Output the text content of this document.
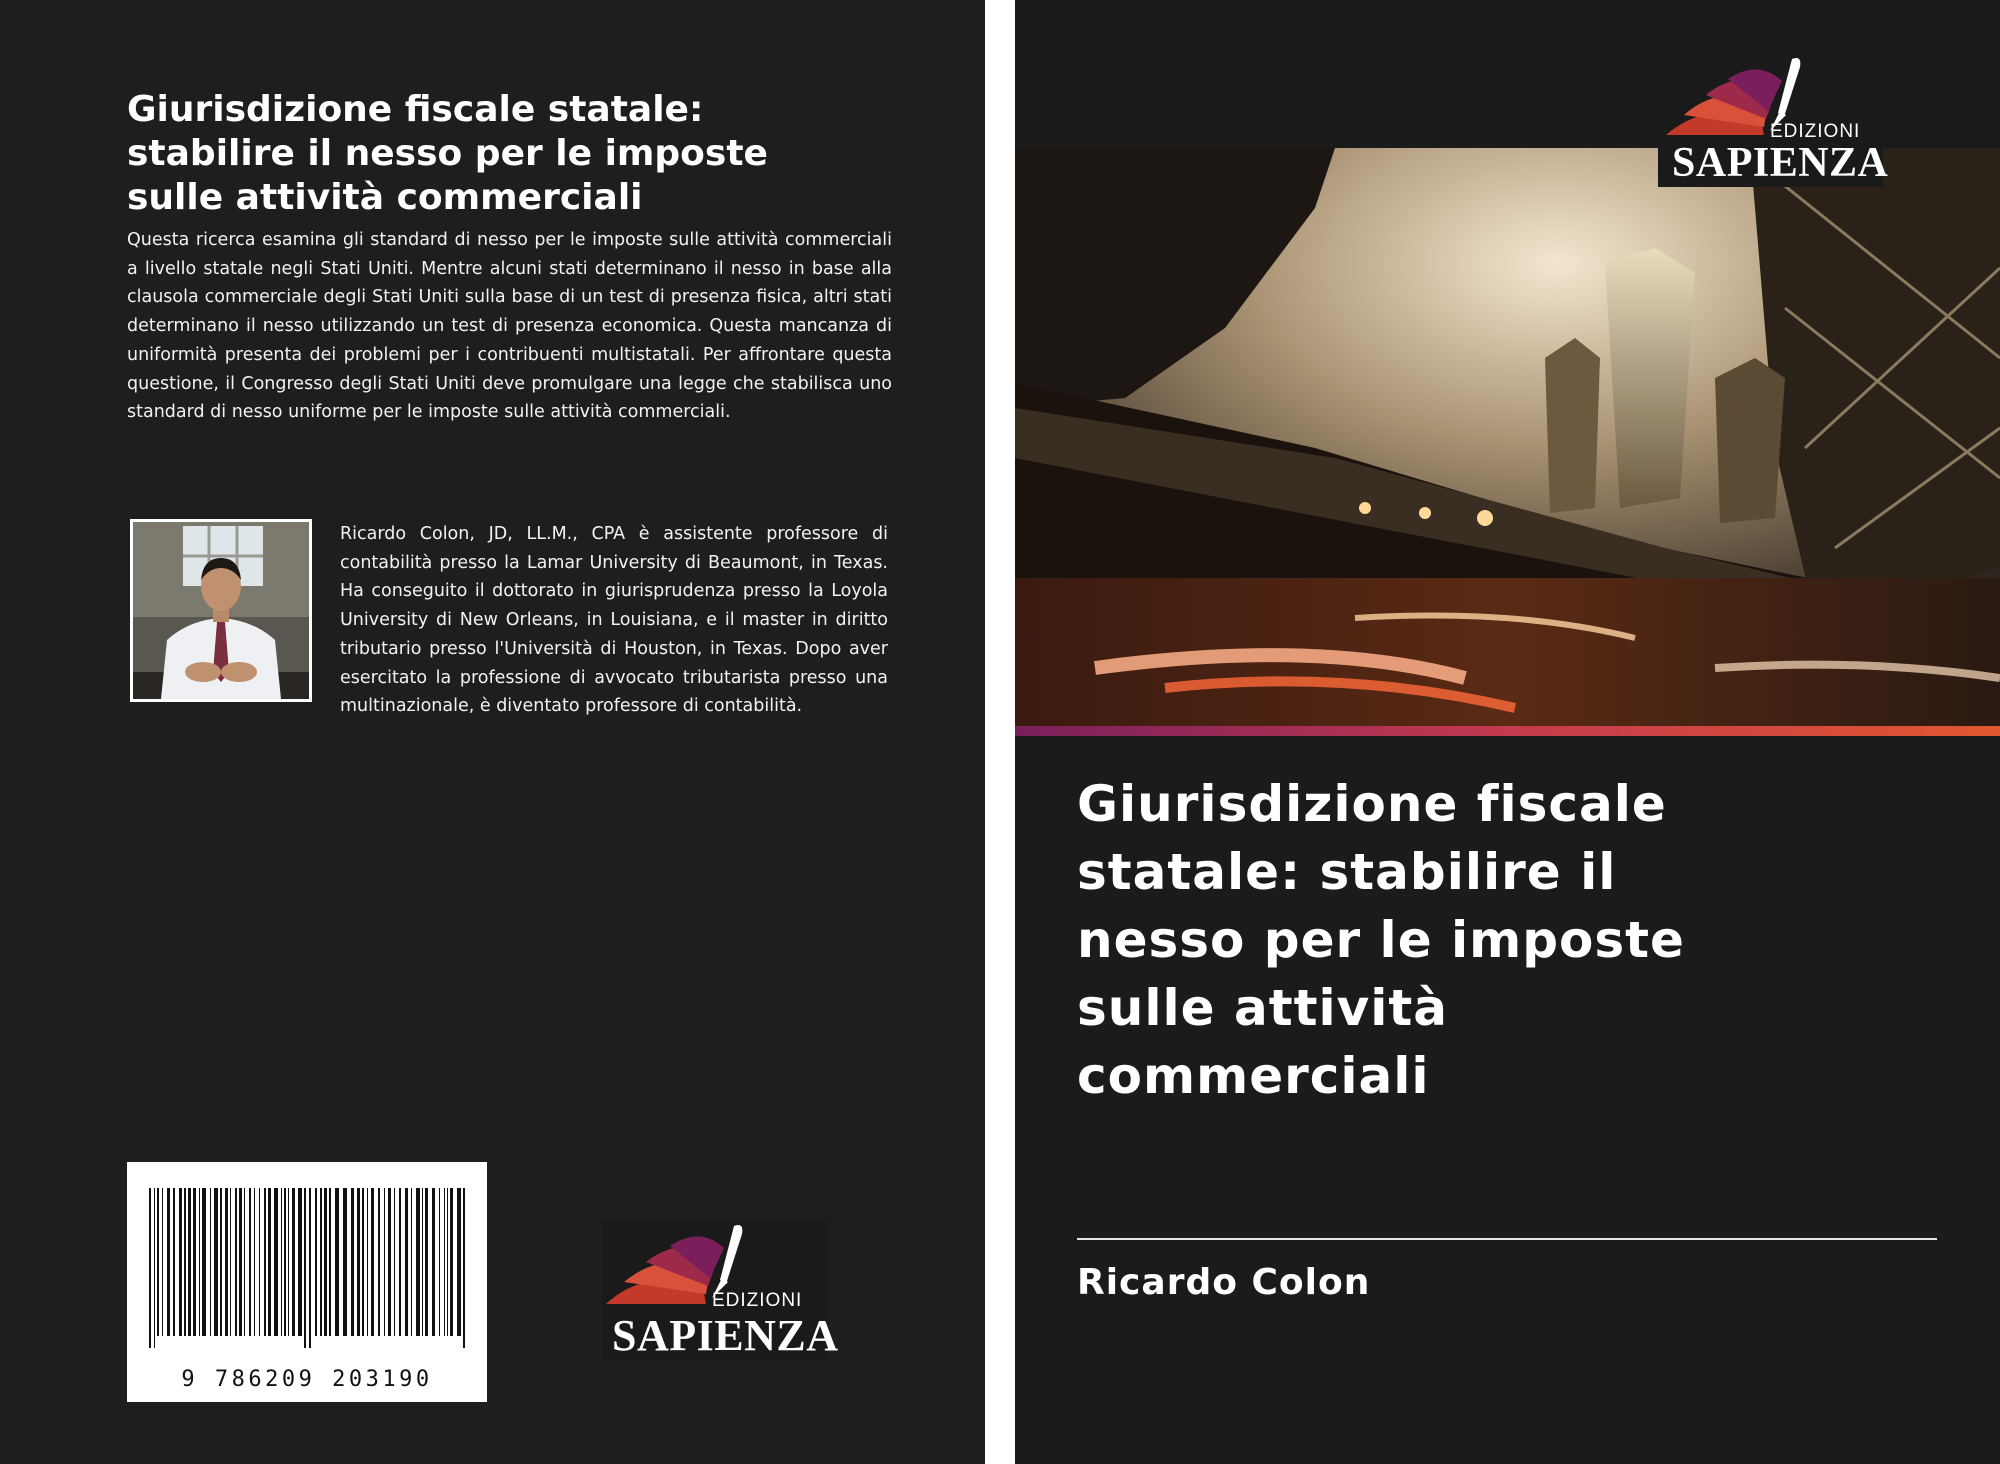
Giurisdizione fiscale statale:
stabilire il nesso per le imposte
sulle attività commerciali
Questa ricerca esamina gli standard di nesso per le imposte sulle attività commerciali a livello statale negli Stati Uniti. Mentre alcuni stati determinano il nesso in base alla clausola commerciale degli Stati Uniti sulla base di un test di presenza fisica, altri stati determinano il nesso utilizzando un test di presenza economica. Questa mancanza di uniformità presenta dei problemi per i contribuenti multistatali. Per affrontare questa questione, il Congresso degli Stati Uniti deve promulgare una legge che stabilisca uno standard di nesso uniforme per le imposte sulle attività commerciali.
Ricardo Colon, JD, LL.M., CPA è assistente professore di contabilità presso la Lamar University di Beaumont, in Texas. Ha conseguito il dottorato in giurisprudenza presso la Loyola University di New Orleans, in Louisiana, e il master in diritto tributario presso l'Università di Houston, in Texas. Dopo aver esercitato la professione di avvocato tributarista presso una multinazionale, è diventato professore di contabilità.
9 786209 203190
EDIZIONI
SAPIENZA
EDIZIONI
SAPIENZA
Giurisdizione fiscale
statale: stabilire il
nesso per le imposte
sulle attività
commerciali
Ricardo Colon
